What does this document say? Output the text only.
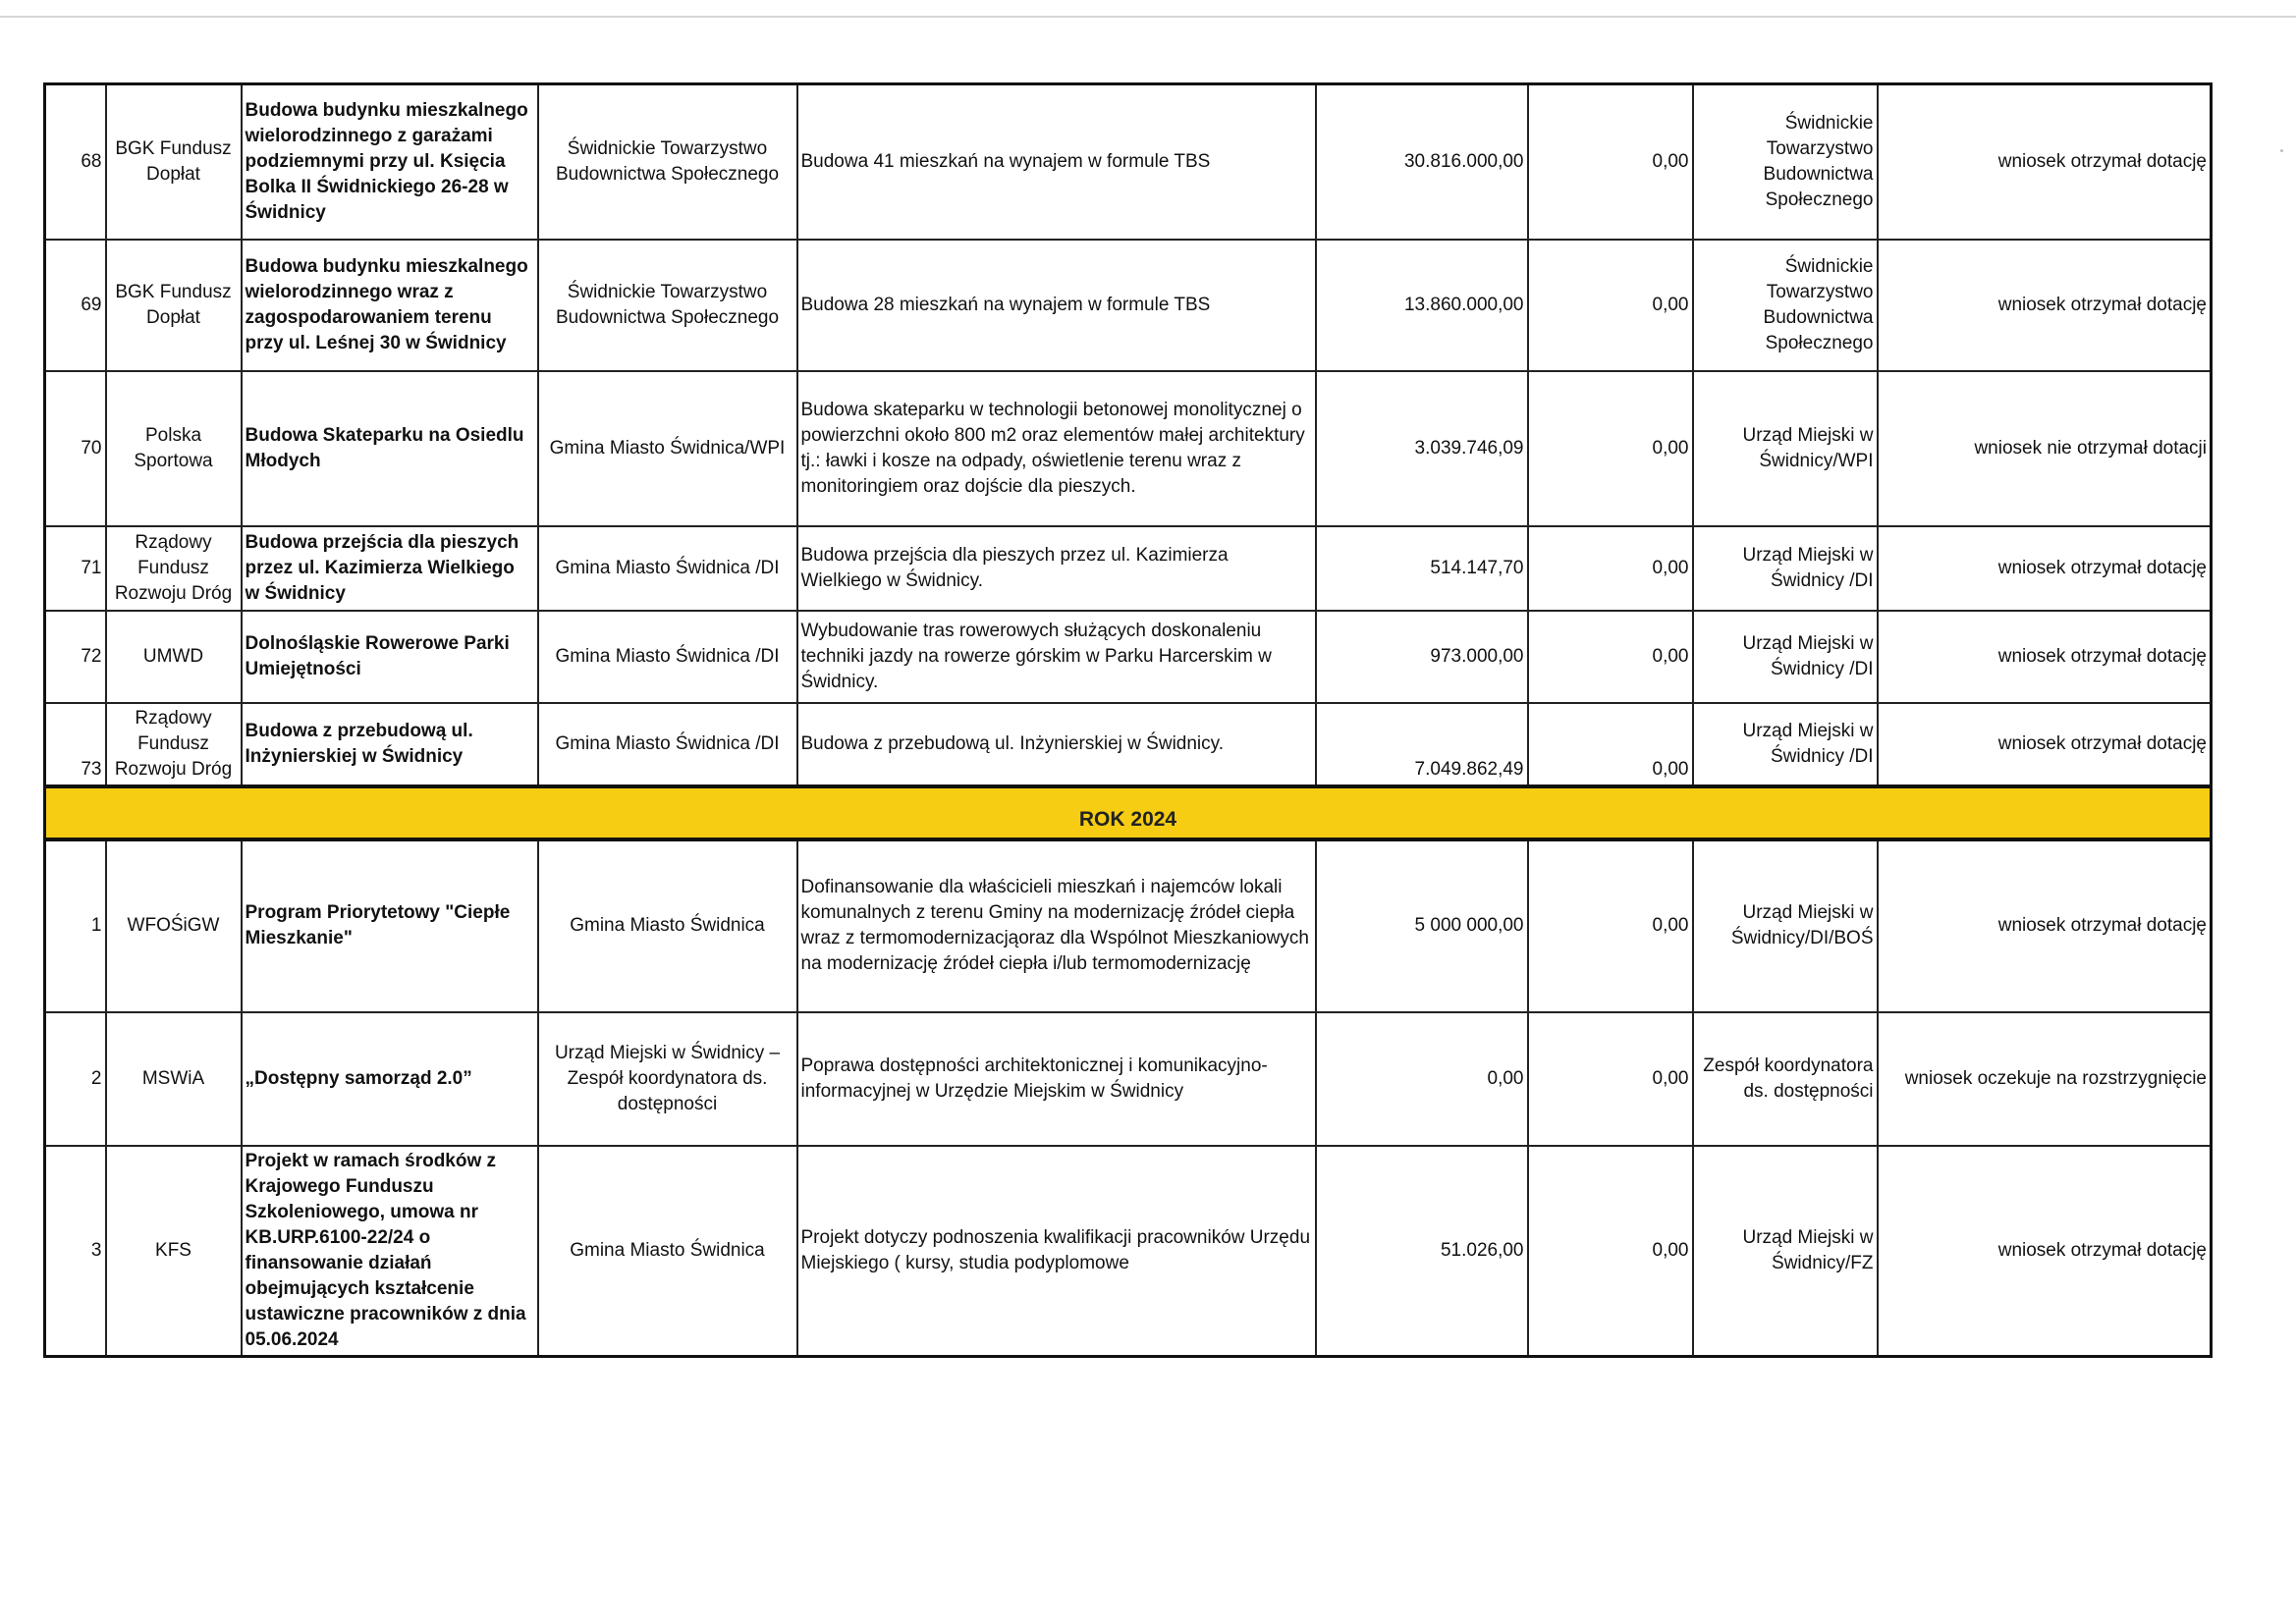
68	BGK Fundusz Dopłat	Budowa budynku mieszkalnego wielorodzinnego z garażami podziemnymi przy ul. Księcia Bolka II Świdnickiego 26-28 w Świdnicy	Świdnickie Towarzystwo Budownictwa Społecznego	Budowa 41 mieszkań na wynajem w formule TBS	30.816.000,00	0,00	Świdnickie Towarzystwo Budownictwa Społecznego	wniosek otrzymał dotację
69	BGK Fundusz Dopłat	Budowa budynku mieszkalnego wielorodzinnego wraz z zagospodarowaniem terenu przy ul. Leśnej 30 w Świdnicy	Świdnickie Towarzystwo Budownictwa Społecznego	Budowa 28 mieszkań na wynajem w formule TBS	13.860.000,00	0,00	Świdnickie Towarzystwo Budownictwa Społecznego	wniosek otrzymał dotację
70	Polska Sportowa	Budowa Skateparku na Osiedlu Młodych	Gmina Miasto Świdnica/WPI	Budowa skateparku w technologii betonowej monolitycznej o powierzchni około 800 m2 oraz elementów małej architektury tj.: ławki i kosze na odpady, oświetlenie terenu wraz z monitoringiem oraz dojście dla pieszych.	3.039.746,09	0,00	Urząd Miejski w Świdnicy/WPI	wniosek nie otrzymał dotacji
71	Rządowy Fundusz Rozwoju Dróg	Budowa przejścia dla pieszych przez ul. Kazimierza Wielkiego w Świdnicy	Gmina Miasto Świdnica /DI	Budowa przejścia dla pieszych przez ul. Kazimierza Wielkiego w Świdnicy.	514.147,70	0,00	Urząd Miejski w Świdnicy /DI	wniosek otrzymał dotację
72	UMWD	Dolnośląskie Rowerowe Parki Umiejętności	Gmina Miasto Świdnica /DI	Wybudowanie tras rowerowych służących doskonaleniu techniki jazdy na rowerze górskim w Parku Harcerskim w Świdnicy.	973.000,00	0,00	Urząd Miejski w Świdnicy /DI	wniosek otrzymał dotację
73	Rządowy Fundusz Rozwoju Dróg	Budowa z przebudową ul. Inżynierskiej w Świdnicy	Gmina Miasto Świdnica /DI	Budowa z przebudową ul. Inżynierskiej w Świdnicy.	7.049.862,49	0,00	Urząd Miejski w Świdnicy /DI	wniosek otrzymał dotację
ROK 2024								
1	WFOŚiGW	Program Priorytetowy "Ciepłe Mieszkanie"	Gmina Miasto Świdnica	Dofinansowanie dla właścicieli mieszkań i najemców lokali komunalnych z terenu Gminy na modernizację źródeł ciepła wraz z termomodernizacjąoraz dla Wspólnot Mieszkaniowych na modernizację źródeł ciepła i/lub termomodernizację	5 000 000,00	0,00	Urząd Miejski w Świdnicy/DI/BOŚ	wniosek otrzymał dotację
2	MSWiA	„Dostępny samorząd 2.0”	Urząd Miejski w Świdnicy – Zespół koordynatora ds. dostępności	Poprawa dostępności architektonicznej i komunikacyjno-informacyjnej w Urzędzie Miejskim w Świdnicy	0,00	0,00	Zespół koordynatora ds. dostępności	wniosek oczekuje na rozstrzygnięcie
3	KFS	Projekt w ramach środków z Krajowego Funduszu Szkoleniowego, umowa nr KB.URP.6100-22/24 o finansowanie działań obejmujących kształcenie ustawiczne pracowników z dnia 05.06.2024	Gmina Miasto Świdnica	Projekt dotyczy podnoszenia kwalifikacji pracowników Urzędu Miejskiego ( kursy, studia podyplomowe	51.026,00	0,00	Urząd Miejski w Świdnicy/FZ	wniosek otrzymał dotację
